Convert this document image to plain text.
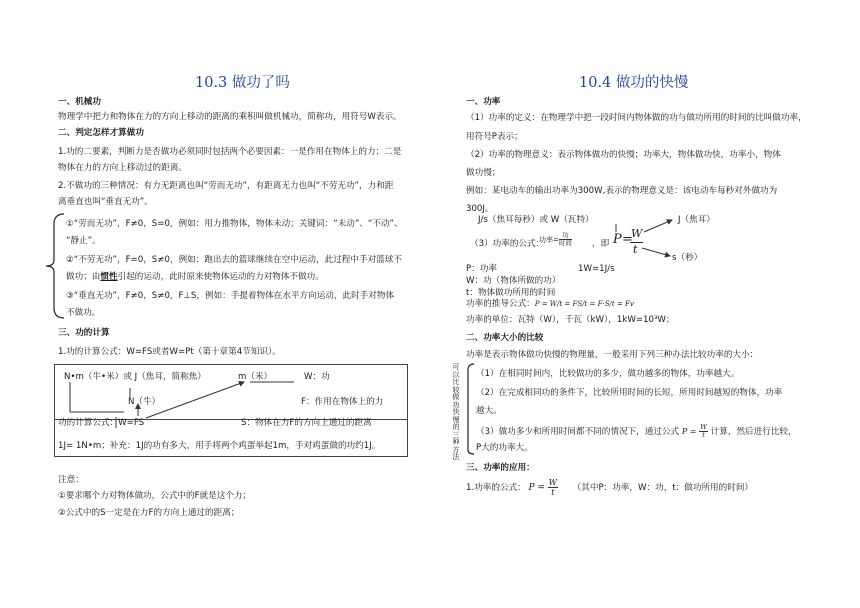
10.3 做功了吗
一、机械功
物理学中把力和物体在力的方向上移动的距离的乘积叫做机械功，简称功，用符号W表示。
二、判定怎样才算做功
1.功的二要素，判断力是否做功必须同时包括两个必要因素：一是作用在物体上的力；二是
物体在力的方向上移动过的距离。
2.不做功的三种情况：有力无距离也叫“劳而无功”，有距离无力也叫“不劳无功”，力和距
离垂直也叫“垂直无功”。
①“劳而无功”，F≠0，S=0，例如：用力推物体，物体未动；关键词：“未动”、“不动”、
“静止”。
②“不劳无功”，F=0，S≠0，例如：跑出去的篮球继续在空中运动，此过程中手对篮球不
做功；由惯性引起的运动，此时原来使物体运动的力对物体不做功。
③“垂直无功”，F≠0，S≠0，F⊥S，例如：手提着物体在水平方向运动，此时手对物体
不做功。
三、功的计算
1.功的计算公式：W=FS或者W=Pt（第十章第4节知识）。
N•m（牛•米）或 J（焦耳，简称焦）	m（米）	W：功
N（牛）	F：作用在物体上的力
功的计算公式：W=FS	S：物体在力F的方向上通过的距离
1J= 1N•m；补充：1J的功有多大，用手将两个鸡蛋举起1m，手对鸡蛋做的功约1J。
注意：
①要求哪个力对物体做功，公式中的F就是这个力；
②公式中的S一定是在力F的方向上通过的距离；
10.4 做功的快慢
一、功率
（1）功率的定义：在物理学中把一段时间内物体做的功与做功所用的时间的比叫做功率，
用符号P表示；
（2）功率的物理意义：表示物体做功的快慢；功率大，物体做功快，功率小，物体
做功慢；
例如：某电动车的输出功率为300W,表示的物理意义是：该电动车每秒对外做功为
300J。
J/s（焦耳每秒）或 W（瓦特）	J（焦耳）
（3）功率的公式：
功率= $\frac{\text{功}}{\text{时间}}$ ，即 P =
W
t
s（秒）
P：功率	1W=1J/s
W：功（物体所做的功）
t：物体做功所用的时间
功率的推导公式：P = W/t = FS/t = F·S/t = Fv
功率的单位：瓦特（W），千瓦（kW），1kW=10³W；
二、功率大小的比较
功率是表示物体做功快慢的物理量，一般采用下列三种办法比较功率的大小：
可以比较做功快慢的三种方法
（1）在相同时间内，比较做功的多少，做功越多的物体，功率越大。
（2）在完成相同功的条件下，比较所用时间的长短，所用时间越短的物体，功率
越大。
（3）做功多少和所用时间都不同的情况下，通过公式 $P = \frac{W}{t}$ 计算，然后进行比较，
P大的功率大。
三、功率的应用：
1.功率的公式： $P = \frac{W}{t}$ （其中P：功率，W：功，t：做功所用的时间）
